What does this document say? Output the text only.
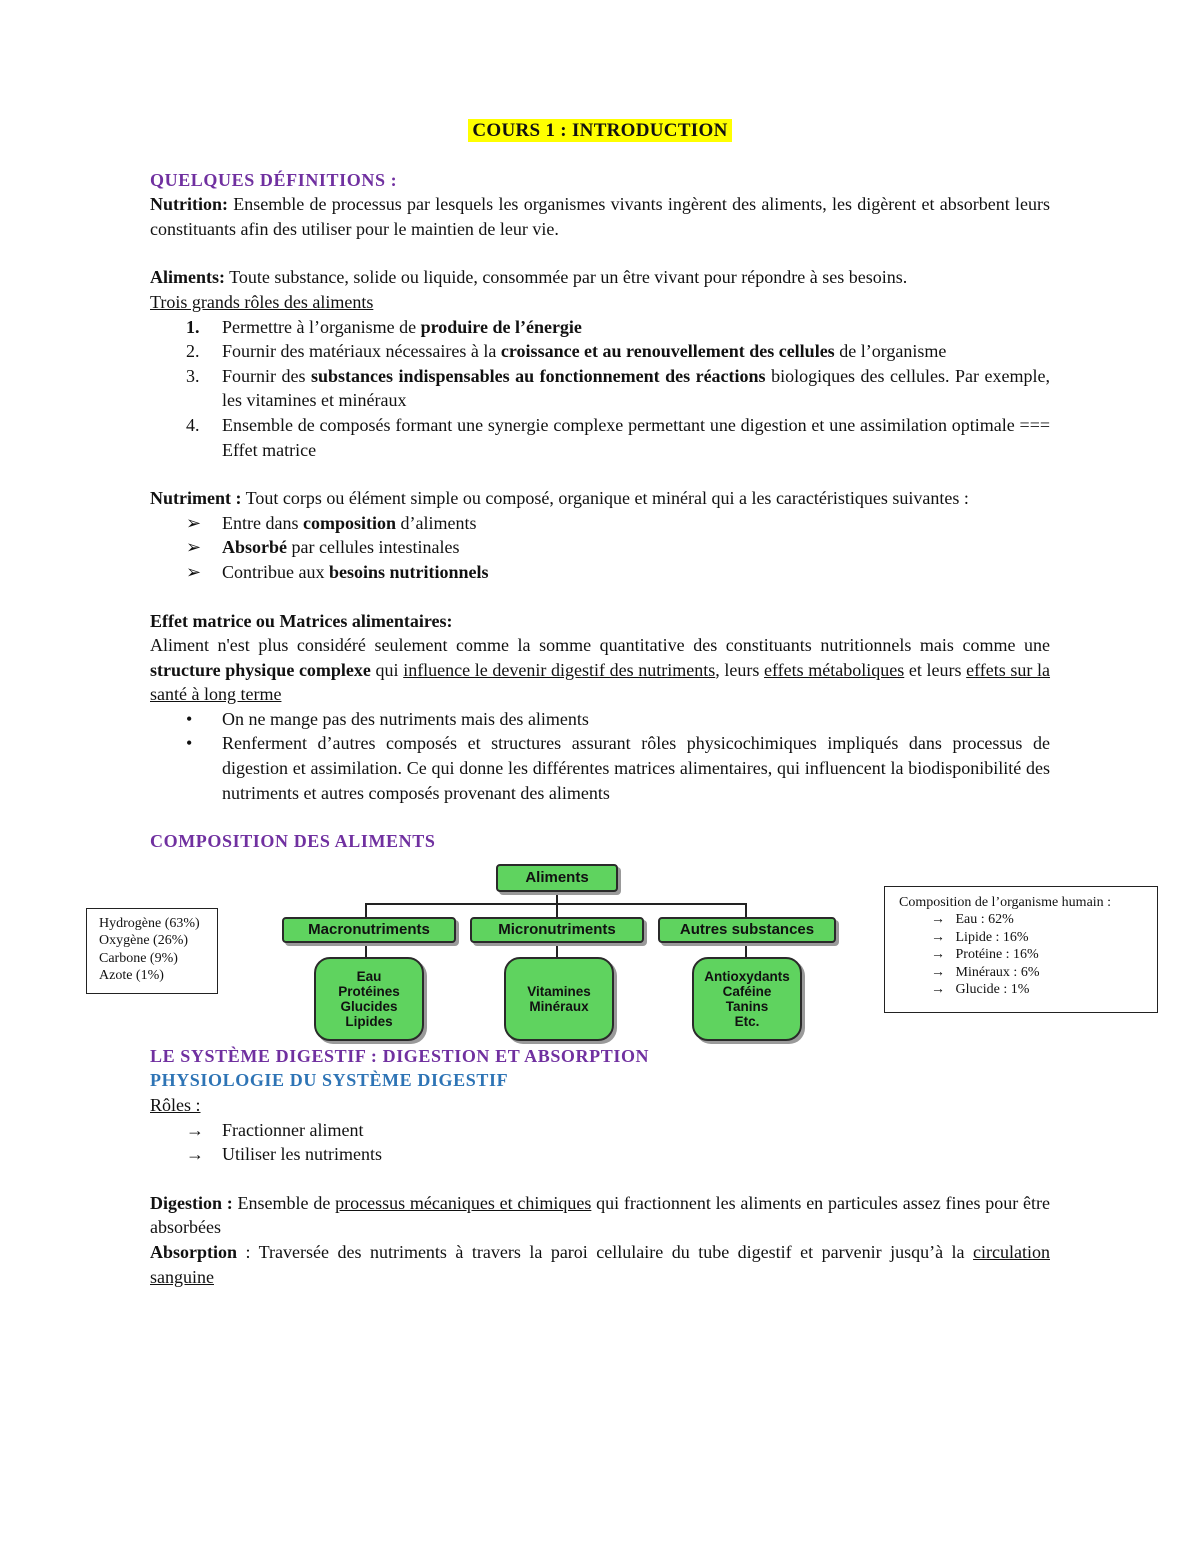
COURS 1 : INTRODUCTION
QUELQUES DÉFINITIONS :
Nutrition: Ensemble de processus par lesquels les organismes vivants ingèrent des aliments, les digèrent et absorbent leurs constituants afin des utiliser pour le maintien de leur vie.
Aliments: Toute substance, solide ou liquide, consommée par un être vivant pour répondre à ses besoins.
Trois grands rôles des aliments
1.	Permettre à l’organisme de produire de l’énergie
2.	Fournir des matériaux nécessaires à la croissance et au renouvellement des cellules de l’organisme
3.	Fournir des substances indispensables au fonctionnement des réactions biologiques des cellules. Par exemple, les vitamines et minéraux
4.	Ensemble de composés formant une synergie complexe permettant une digestion et une assimilation optimale === Effet matrice
Nutriment : Tout corps ou élément simple ou composé, organique et minéral qui a les caractéristiques suivantes :
➢	Entre dans composition d’aliments
➢	Absorbé par cellules intestinales
➢	Contribue aux besoins nutritionnels
Effet matrice ou Matrices alimentaires:
Aliment n'est plus considéré seulement comme la somme quantitative des constituants nutritionnels mais comme une structure physique complexe qui influence le devenir digestif des nutriments, leurs effets métaboliques et leurs effets sur la santé à long terme
•	On ne mange pas des nutriments mais des aliments
•	Renferment d’autres composés et structures assurant rôles physicochimiques impliqués dans processus de digestion et assimilation. Ce qui donne les différentes matrices alimentaires, qui influencent la biodisponibilité des nutriments et autres composés provenant des aliments
COMPOSITION DES ALIMENTS
Hydrogène (63%)
Oxygène (26%)
Carbone (9%)
Azote (1%)
Aliments
Macronutriments	Micronutriments	Autres substances
Eau
Protéines
Glucides
Lipides
Vitamines
Minéraux
Antioxydants
Caféine
Tanins
Etc.
Composition de l’organisme humain :
→ Eau : 62%
→ Lipide : 16%
→ Protéine : 16%
→ Minéraux : 6%
→ Glucide : 1%
LE SYSTÈME DIGESTIF : DIGESTION ET ABSORPTION
PHYSIOLOGIE DU SYSTÈME DIGESTIF
Rôles :
→	Fractionner aliment
→	Utiliser les nutriments
Digestion : Ensemble de processus mécaniques et chimiques qui fractionnent les aliments en particules assez fines pour être absorbées
Absorption : Traversée des nutriments à travers la paroi cellulaire du tube digestif et parvenir jusqu’à la circulation sanguine
